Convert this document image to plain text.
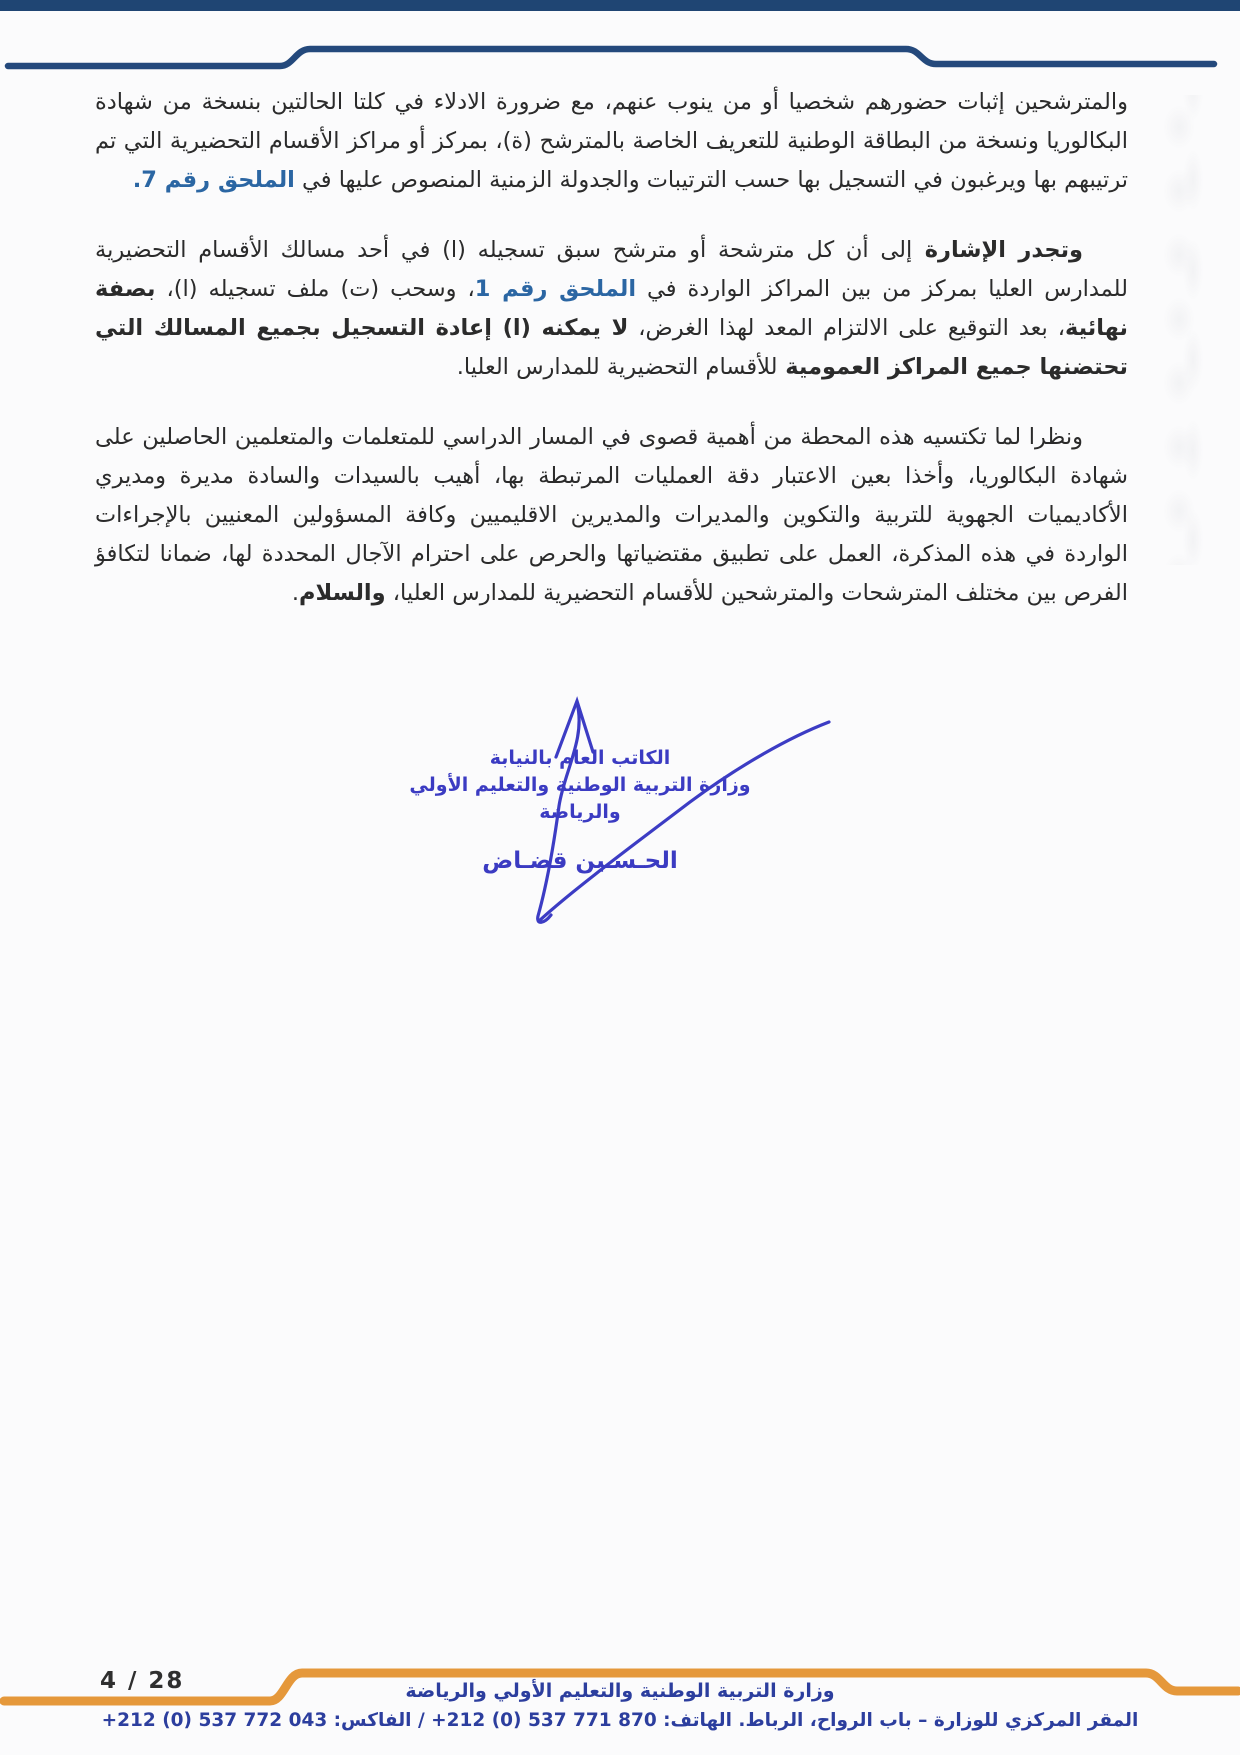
والمترشحين إثبات حضورهم شخصيا أو من ينوب عنهم، مع ضرورة الادلاء في كلتا الحالتين بنسخة من شهادة البكالوريا ونسخة من البطاقة الوطنية للتعريف الخاصة بالمترشح (ة)، بمركز أو مراكز الأقسام التحضيرية التي تم ترتيبهم بها ويرغبون في التسجيل بها حسب الترتيبات والجدولة الزمنية المنصوص عليها في الملحق رقم 7.

وتجدر الإشارة إلى أن كل مترشحة أو مترشح سبق تسجيله (ا) في أحد مسالك الأقسام التحضيرية للمدارس العليا بمركز من بين المراكز الواردة في الملحق رقم 1، وسحب (ت) ملف تسجيله (ا)، بصفة نهائية، بعد التوقيع على الالتزام المعد لهذا الغرض، لا يمكنه (ا) إعادة التسجيل بجميع المسالك التي تحتضنها جميع المراكز العمومية للأقسام التحضيرية للمدارس العليا.

ونظرا لما تكتسيه هذه المحطة من أهمية قصوى في المسار الدراسي للمتعلمات والمتعلمين الحاصلين على شهادة البكالوريا، وأخذا بعين الاعتبار دقة العمليات المرتبطة بها، أهيب بالسيدات والسادة مديرة ومديري الأكاديميات الجهوية للتربية والتكوين والمديرات والمديرين الاقليميين وكافة المسؤولين المعنيين بالإجراءات الواردة في هذه المذكرة، العمل على تطبيق مقتضياتها والحرص على احترام الآجال المحددة لها، ضمانا لتكافؤ الفرص بين مختلف المترشحات والمترشحين للأقسام التحضيرية للمدارس العليا، والسلام.

الكاتب العام بالنيابة
وزارة التربية الوطنية والتعليم الأولي
والرياضة
الحـسـين قضـاض
4 / 28	وزارة التربية الوطنية والتعليم الأولي والرياضة
المقر المركزي للوزارة – باب الرواح، الرباط. الهاتف: +212 (0) 537 771 870 / الفاكس: +212 (0) 537 772 043
